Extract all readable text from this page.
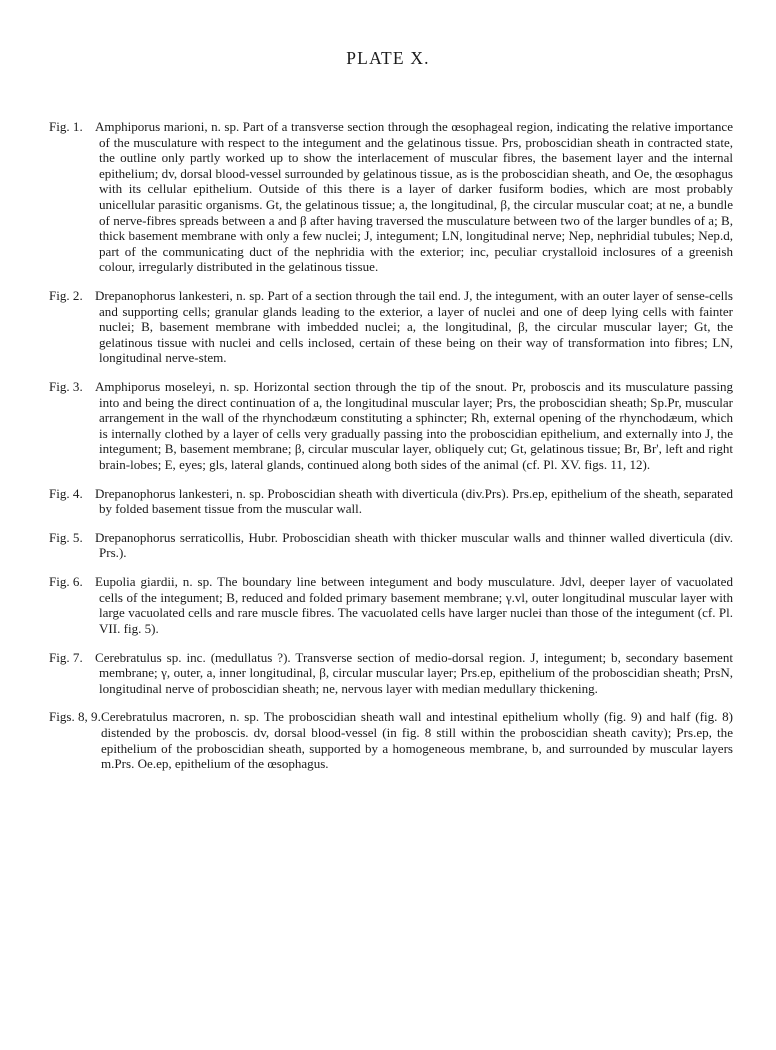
PLATE X.

Fig. 1. Amphiporus marioni, n. sp. Part of a transverse section through the œsophageal region, indicating the relative importance of the musculature with respect to the integument and the gelatinous tissue. Prs, proboscidian sheath in contracted state, the outline only partly worked up to show the interlacement of muscular fibres, the basement layer and the internal epithelium; dv, dorsal blood-vessel surrounded by gelatinous tissue, as is the proboscidian sheath, and Oe, the œsophagus with its cellular epithelium. Outside of this there is a layer of darker fusiform bodies, which are most probably unicellular parasitic organisms. Gt, the gelatinous tissue; a, the longitudinal, β, the circular muscular coat; at ne, a bundle of nerve-fibres spreads between a and β after having traversed the musculature between two of the larger bundles of a; B, thick basement membrane with only a few nuclei; J, integument; LN, longitudinal nerve; Nep, nephridial tubules; Nep.d, part of the communicating duct of the nephridia with the exterior; inc, peculiar crystalloid inclosures of a greenish colour, irregularly distributed in the gelatinous tissue.

Fig. 2. Drepanophorus lankesteri, n. sp. Part of a section through the tail end. J, the integument, with an outer layer of sense-cells and supporting cells; granular glands leading to the exterior, a layer of nuclei and one of deep lying cells with fainter nuclei; B, basement membrane with imbedded nuclei; a, the longitudinal, β, the circular muscular layer; Gt, the gelatinous tissue with nuclei and cells inclosed, certain of these being on their way of transformation into fibres; LN, longitudinal nerve-stem.

Fig. 3. Amphiporus moseleyi, n. sp. Horizontal section through the tip of the snout. Pr, proboscis and its musculature passing into and being the direct continuation of a, the longitudinal muscular layer; Prs, the proboscidian sheath; Sp.Pr, muscular arrangement in the wall of the rhynchodæum constituting a sphincter; Rh, external opening of the rhynchodæum, which is internally clothed by a layer of cells very gradually passing into the proboscidian epithelium, and externally into J, the integument; B, basement membrane; β, circular muscular layer, obliquely cut; Gt, gelatinous tissue; Br, Br', left and right brain-lobes; E, eyes; gls, lateral glands, continued along both sides of the animal (cf. Pl. XV. figs. 11, 12).

Fig. 4. Drepanophorus lankesteri, n. sp. Proboscidian sheath with diverticula (div.Prs). Prs.ep, epithelium of the sheath, separated by folded basement tissue from the muscular wall.

Fig. 5. Drepanophorus serraticollis, Hubr. Proboscidian sheath with thicker muscular walls and thinner walled diverticula (div. Prs.).

Fig. 6. Eupolia giardii, n. sp. The boundary line between integument and body musculature. Jdvl, deeper layer of vacuolated cells of the integument; B, reduced and folded primary basement membrane; γ.vl, outer longitudinal muscular layer with large vacuolated cells and rare muscle fibres. The vacuolated cells have larger nuclei than those of the integument (cf. Pl. VII. fig. 5).

Fig. 7. Cerebratulus sp. inc. (medullatus ?). Transverse section of medio-dorsal region. J, integument; b, secondary basement membrane; γ, outer, a, inner longitudinal, β, circular muscular layer; Prs.ep, epithelium of the proboscidian sheath; PrsN, longitudinal nerve of proboscidian sheath; ne, nervous layer with median medullary thickening.

Figs. 8, 9.Cerebratulus macroren, n. sp. The proboscidian sheath wall and intestinal epithelium wholly (fig. 9) and half (fig. 8) distended by the proboscis. dv, dorsal blood-vessel (in fig. 8 still within the proboscidian sheath cavity); Prs.ep, the epithelium of the proboscidian sheath, supported by a homogeneous membrane, b, and surrounded by muscular layers m.Prs. Oe.ep, epithelium of the œsophagus.
